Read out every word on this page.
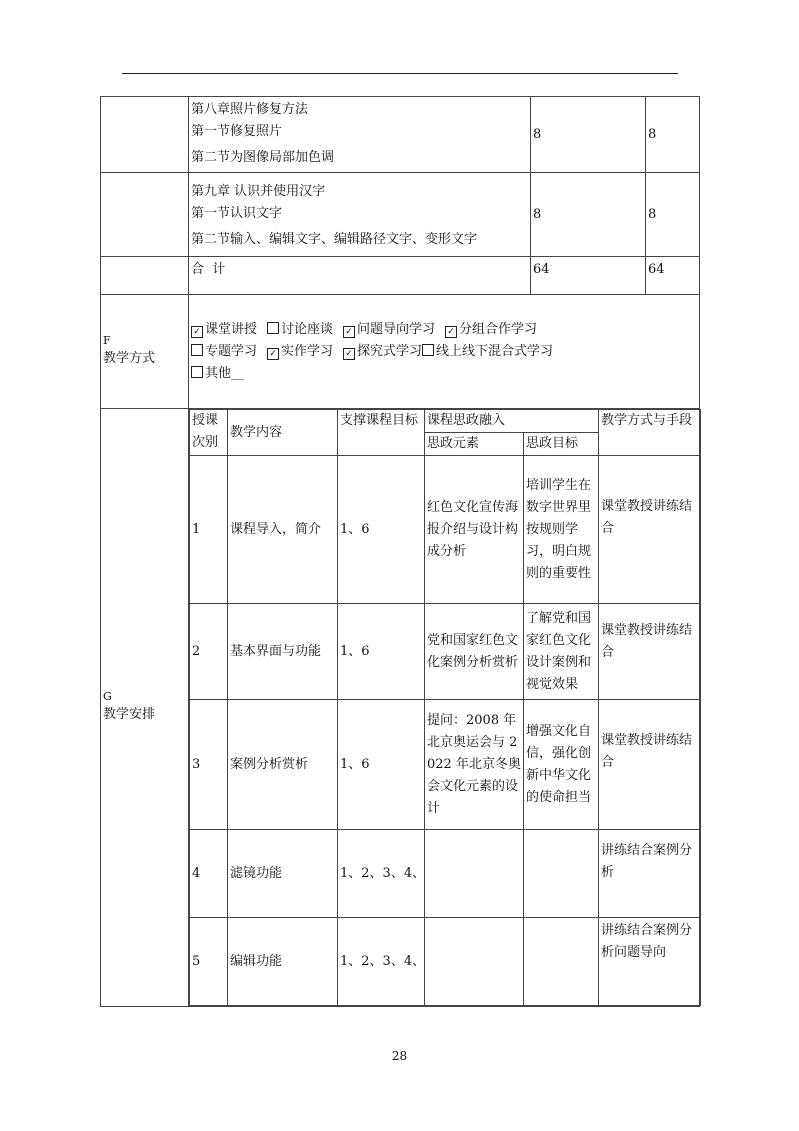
第八章照片修复方法
第一节修复照片
第二节为图像局部加色调
	8	8

第九章 认识并使用汉字
第一节认识文字
第二节输入、编辑文字、编辑路径文字、变形文字
	8	8
	合  计	64	64

F
教学方式

✓ 课堂讲授 讨论座谈 ✓ 问题导向学习 ✓ 分组合作学习
专题学习 ✓ 实作学习 ✓ 探究式学习 线上线下混合式学习
其他__

G
教学安排

授课次别	教学内容	支撑课程目标	课程思政融入	教学方式与手段
思政元素	思政目标
1	课程导入，简介	1、6	红色文化宣传海报介绍与设计构成分析	培训学生在数字世界里按规则学习，明白规则的重要性	课堂教授讲练结合
2	基本界面与功能	1、6	党和国家红色文化案例分析赏析	了解党和国家红色文化设计案例和视觉效果	课堂教授讲练结合
3	案例分析赏析	1、6	提问：2008 年北京奥运会与 2022 年北京冬奥会文化元素的设计	增强文化自信，强化创新中华文化的使命担当	课堂教授讲练结合
4	滤镜功能	1、2、3、4、			讲练结合案例分析
5	编辑功能	1、2、3、4、			讲练结合案例分析问题导向
28
